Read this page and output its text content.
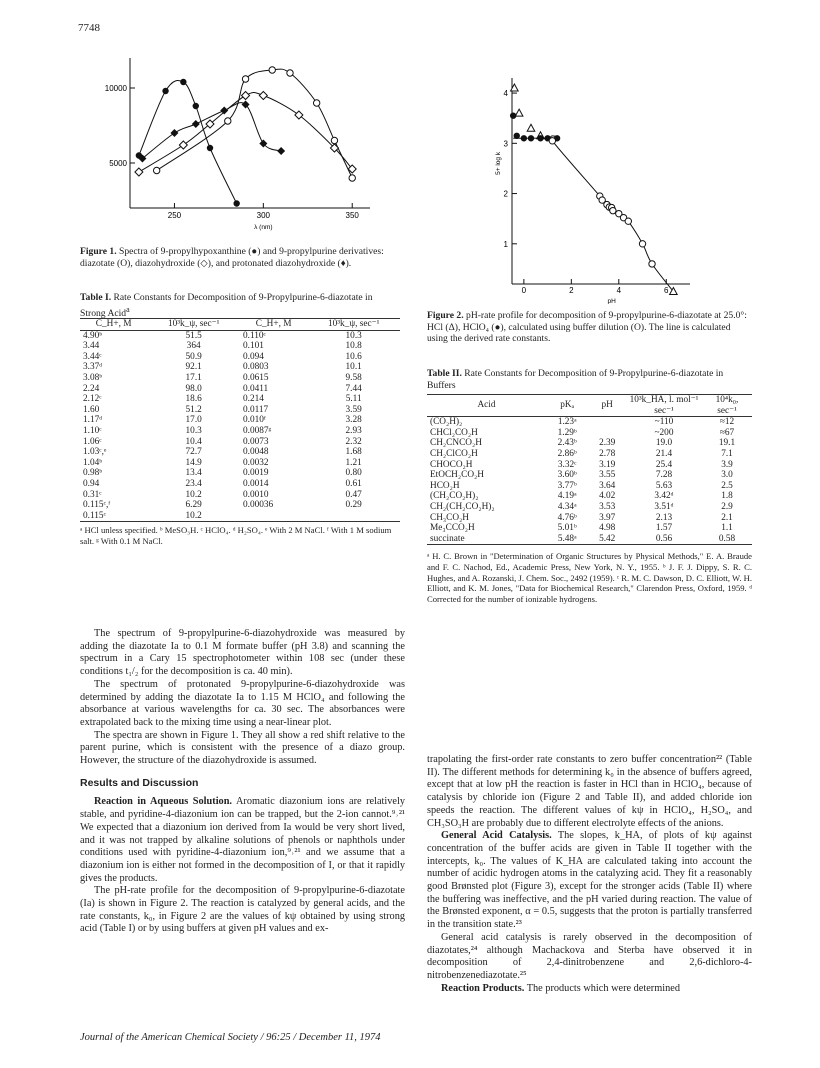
7748
10000
5000
250	300	350
λ (nm)
Figure 1. Spectra of 9-propylhypoxanthine (●) and 9-propylpurine derivatives: diazotate (O), diazohydroxide (◇), and protonated diazohydroxide (♦).
4
3
2
1
0	2	4	6
pH
5+ log k
Figure 2. pH-rate profile for decomposition of 9-propylpurine-6-diazotate at 25.0°: HCl (Δ), HClO₄ (●), calculated using buffer dilution (O). The line is calculated using the derived rate constants.
Table I. Rate Constants for Decomposition of 9-Propylpurine-6-diazotate in Strong Acid$^a$
C_H+, M	10³k_ψ, sec⁻¹	C_H+, M	10³k_ψ, sec⁻¹
4.90ᵇ	51.5	0.110ᶜ	10.3
3.44	364	0.101	10.8
3.44ᶜ	50.9	0.094	10.6
3.37ᵈ	92.1	0.0803	10.1
3.08ᵇ	17.1	0.0615	9.58
2.24	98.0	0.0411	7.44
2.12ᶜ	18.6	0.214	5.11
1.60	51.2	0.0117	3.59
1.17ᵈ	17.0	0.010ᶠ	3.28
1.10ᶜ	10.3	0.0087ᵍ	2.93
1.06ᶜ	10.4	0.0073	2.32
1.03ᶜ,ᵉ	72.7	0.0048	1.68
1.04ᵇ	14.9	0.0032	1.21
0.98ᵇ	13.4	0.0019	0.80
0.94	23.4	0.0014	0.61
0.31ᶜ	10.2	0.0010	0.47
0.115ᶜ,ᶠ	6.29	0.00036	0.29
0.115ᶜ	10.2		
ᵃ HCl unless specified. ᵇ MeSO₃H. ᶜ HClO₄. ᵈ H₂SO₄. ᵉ With 2 M NaCl. ᶠ With 1 M sodium salt. ᵍ With 0.1 M NaCl.
Table II. Rate Constants for Decomposition of 9-Propylpurine-6-diazotate in Buffers
Acid	pKₐ	pH	10³k_HA, l. mol⁻¹ sec⁻¹	10⁴k₀, sec⁻¹
(CO₂H)₂	1.23ᵃ		~110	≈12
CHCl₂CO₂H	1.29ᵇ		~200	≈67
CH₂CNCO₂H	2.43ᵇ	2.39	19.0	19.1
CH₂ClCO₂H	2.86ᵇ	2.78	21.4	7.1
CHOCO₂H	3.32ᶜ	3.19	25.4	3.9
EtOCH₂CO₂H	3.60ᵇ	3.55	7.28	3.0
HCO₂H	3.77ᵇ	3.64	5.63	2.5
(CH₂CO₂H)₂	4.19ᵃ	4.02	3.42ᵈ	1.8
CH₂(CH₂CO₂H)₂	4.34ᵃ	3.53	3.51ᵈ	2.9
CH₃CO₂H	4.76ᵇ	3.97	2.13	2.1
Me₃CCO₂H	5.01ᵇ	4.98	1.57	1.1
succinate	5.48ᵃ	5.42	0.56	0.58
ᵃ H. C. Brown in "Determination of Organic Structures by Physical Methods," E. A. Braude and F. C. Nachod, Ed., Academic Press, New York, N. Y., 1955. ᵇ J. F. J. Dippy, S. R. C. Hughes, and A. Rozanski, J. Chem. Soc., 2492 (1959). ᶜ R. M. C. Dawson, D. C. Elliott, W. H. Elliott, and K. M. Jones, "Data for Biochemical Research," Clarendon Press, Oxford, 1959. ᵈ Corrected for the number of ionizable hydrogens.

The spectrum of 9-propylpurine-6-diazohydroxide was measured by adding the diazotate Ia to 0.1 M formate buffer (pH 3.8) and scanning the spectrum in a Cary 15 spectrophotometer within 108 sec (under these conditions t₁/₂ for the decomposition is ca. 40 min).

The spectrum of protonated 9-propylpurine-6-diazohydroxide was determined by adding the diazotate Ia to 1.15 M HClO₄ and following the absorbance at various wavelengths for ca. 30 sec. The absorbances were extrapolated back to the mixing time using a near-linear plot.

The spectra are shown in Figure 1. They all show a red shift relative to the parent purine, which is consistent with the presence of a diazo group. However, the structure of the diazohydroxide is assumed.

Results and Discussion

Reaction in Aqueous Solution. Aromatic diazonium ions are relatively stable, and pyridine-4-diazonium ion can be trapped, but the 2-ion cannot.⁹˒²¹ We expected that a diazonium ion derived from Ia would be very short lived, and it was not trapped by alkaline solutions of phenols or naphthols under conditions used with pyridine-4-diazonium ion,⁹˒²¹ and we assume that a diazonium ion is either not formed in the decomposition of I, or that it rapidly gives the products.

The pH-rate profile for the decomposition of 9-propylpurine-6-diazotate (Ia) is shown in Figure 2. The reaction is catalyzed by general acids, and the rate constants, k₀, in Figure 2 are the values of kψ obtained by using strong acid (Table I) or by using buffers at given pH values and ex-

trapolating the first-order rate constants to zero buffer concentration²² (Table II). The different methods for determining k₀ in the absence of buffers agreed, except that at low pH the reaction is faster in HCl than in HClO₄, because of catalysis by chloride ion (Figure 2 and Table II), and added chloride ion speeds the reaction. The different values of kψ in HClO₄, H₂SO₄, and CH₃SO₃H are probably due to different electrolyte effects of the anions.

General Acid Catalysis. The slopes, k_HA, of plots of kψ against concentration of the buffer acids are given in Table II together with the intercepts, k₀. The values of K_HA are calculated taking into account the number of acidic hydrogen atoms in the catalyzing acid. They fit a reasonably good Brønsted plot (Figure 3), except for the stronger acids (Table II) where the buffering was ineffective, and the pH varied during reaction. The value of the Brønsted exponent, α = 0.5, suggests that the proton is partially transferred in the transition state.²³

General acid catalysis is rarely observed in the decomposition of diazotates,²⁴ although Machackova and Sterba have observed it in decomposition of 2,4-dinitrobenzene and 2,6-dichloro-4-nitrobenzenediazotate.²⁵

Reaction Products. The products which were determined

Journal of the American Chemical Society / 96:25 / December 11, 1974
